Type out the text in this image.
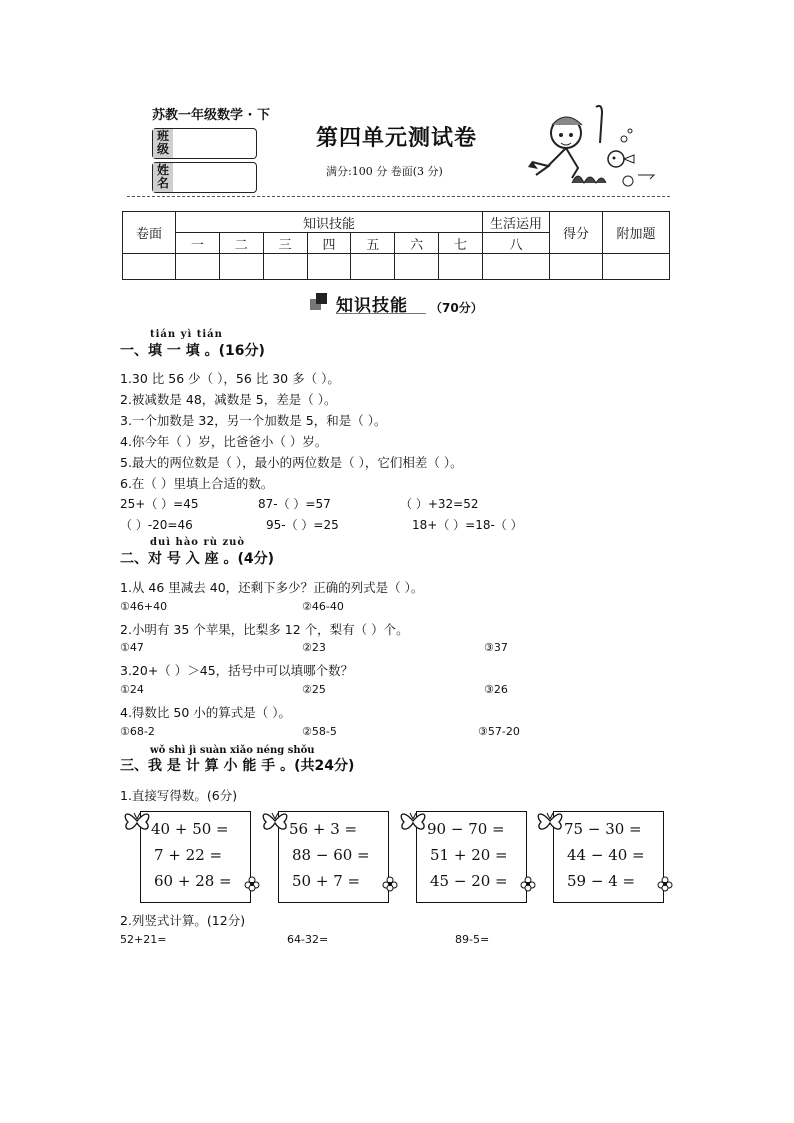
苏教一年级数学 · 下
班
级
姓
名
第四单元测试卷
满分:100 分 卷面(3 分)
卷面	知识技能							生活运用	得分	附加题
	一	二	三	四	五	六	七	八		

知识技能 （70分）
tián yì tián
一、填 一 填 。(16分)
1.30 比 56 少（ ），56 比 30 多（ ）。
2.被减数是 48，减数是 5，差是（ ）。
3.一个加数是 32，另一个加数是 5，和是（ ）。
4.你今年（ ）岁，比爸爸小（ ）岁。
5.最大的两位数是（ ），最小的两位数是（ ），它们相差（ ）。
6.在（ ）里填上合适的数。
25+（ ）=45	87-（ ）=57	（ ）+32=52
（ ）-20=46	95-（ ）=25	18+（ ）=18-（ ）
duì hào rù zuò
二、对 号 入 座 。(4分)
1.从 46 里减去 40，还剩下多少？正确的列式是（ ）。
①46+40	②46-40
2.小明有 35 个苹果，比梨多 12 个，梨有（ ）个。
①47	②23	③37
3.20+（ ）＞45，括号中可以填哪个数？
①24	②25	③26
4.得数比 50 小的算式是（ ）。
①68-2	②58-5	③57-20
wǒ shì jì suàn xiǎo néng shǒu
三、我 是 计 算 小 能 手 。(共24分)
1.直接写得数。(6分)
40 + 50 =
7 + 22 =
60 + 28 =
56 + 3 =
88 − 60 =
50 + 7 =
90 − 70 =
51 + 20 =
45 − 20 =
75 − 30 =
44 − 40 =
59 − 4 =
2.列竖式计算。(12分)
52+21=	64-32=	89-5=
